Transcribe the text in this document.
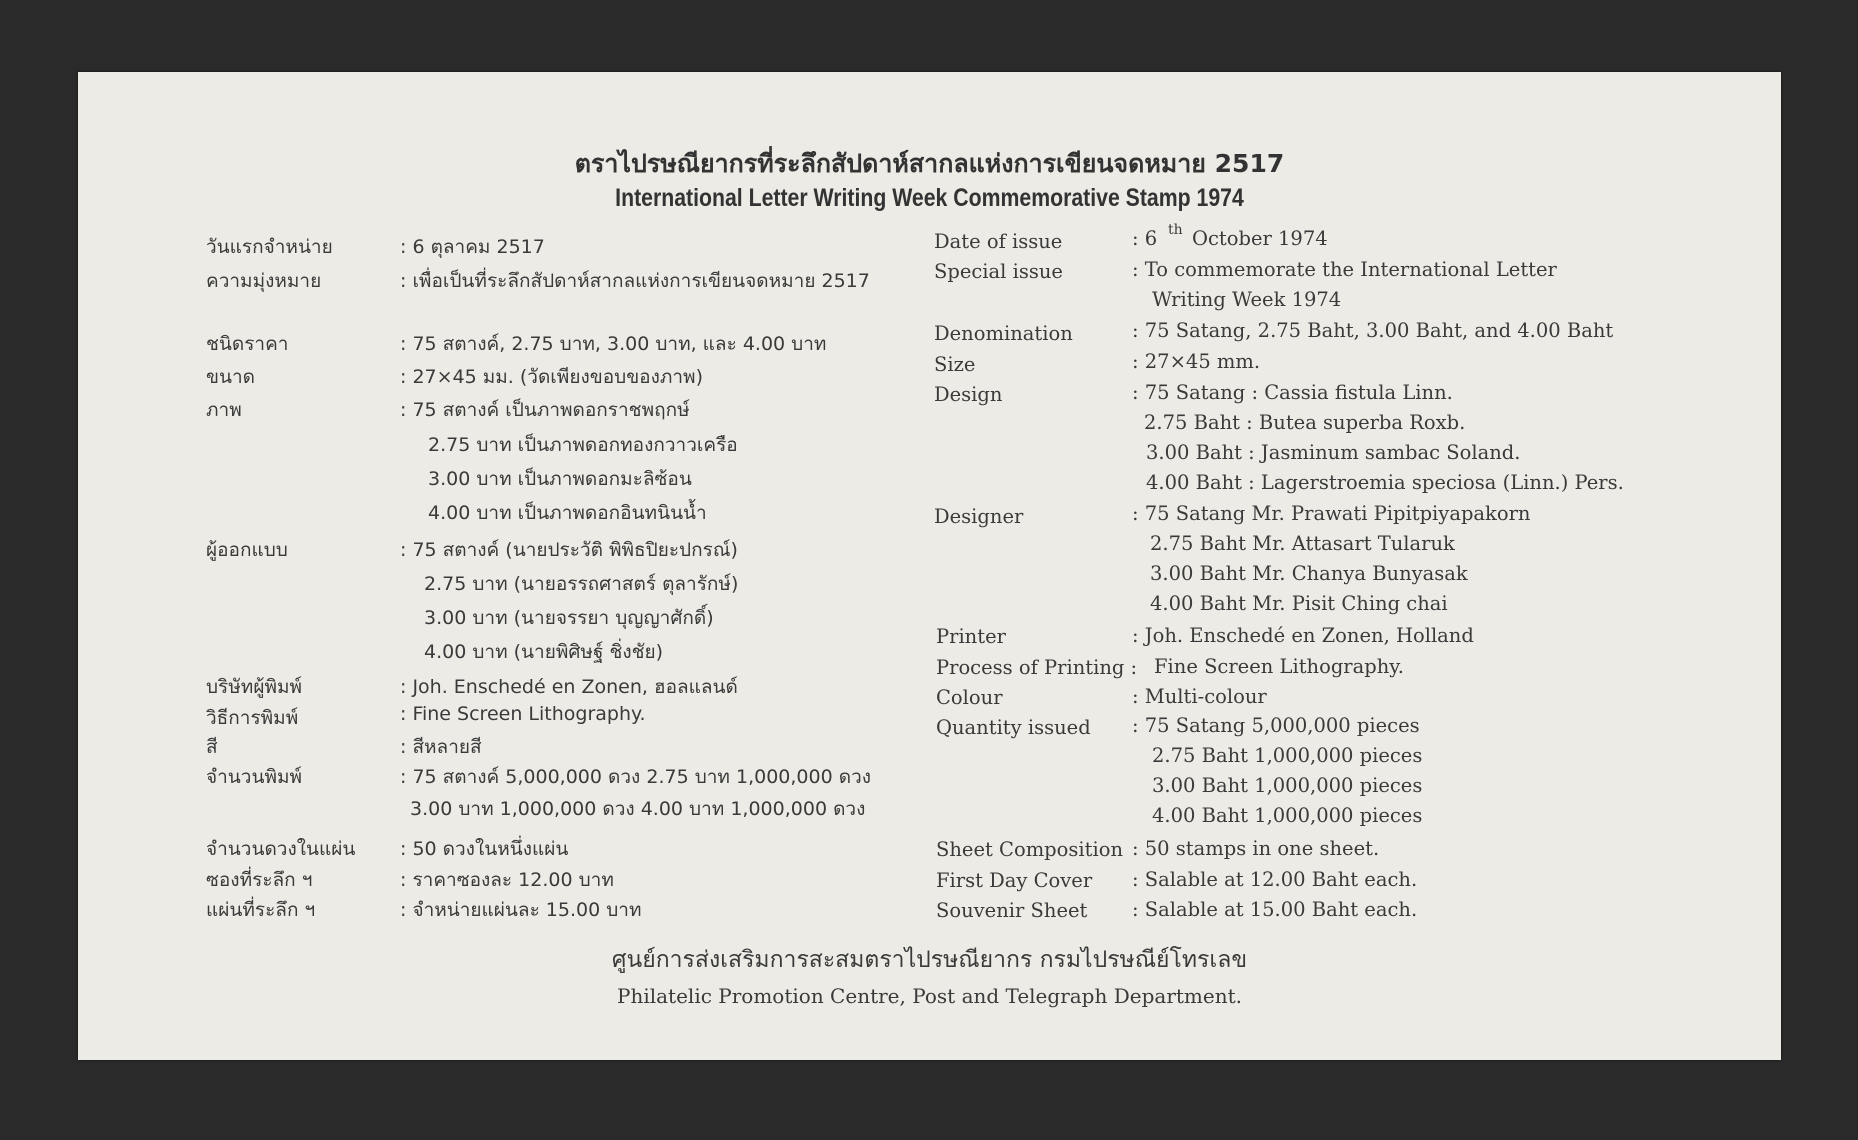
ตราไปรษณียากรที่ระลึกสัปดาห์สากลแห่งการเขียนจดหมาย 2517
International Letter Writing Week Commemorative Stamp 1974
วันแรกจำหน่าย	: 6 ตุลาคม 2517
ความมุ่งหมาย	: เพื่อเป็นที่ระลึกสัปดาห์สากลแห่งการเขียนจดหมาย 2517
ชนิดราคา	: 75 สตางค์, 2.75 บาท, 3.00 บาท, และ 4.00 บาท
ขนาด	: 27×45 มม. (วัดเพียงขอบของภาพ)
ภาพ	: 75 สตางค์ เป็นภาพดอกราชพฤกษ์
2.75 บาท เป็นภาพดอกทองกวาวเครือ
3.00 บาท เป็นภาพดอกมะลิซ้อน
4.00 บาท เป็นภาพดอกอินทนินน้ำ
ผู้ออกแบบ	: 75 สตางค์ (นายประวัติ พิพิธปิยะปกรณ์)
2.75 บาท (นายอรรถศาสตร์ ตุลารักษ์)
3.00 บาท (นายจรรยา บุญญาศักดิ์)
4.00 บาท (นายพิศิษฐ์ ชิ่งชัย)
บริษัทผู้พิมพ์	: Joh. Enschedé en Zonen, ฮอลแลนด์
วิธีการพิมพ์	: Fine Screen Lithography.
สี	: สีหลายสี
จำนวนพิมพ์	: 75 สตางค์ 5,000,000 ดวง 2.75 บาท 1,000,000 ดวง
3.00 บาท 1,000,000 ดวง 4.00 บาท 1,000,000 ดวง
จำนวนดวงในแผ่น : 50 ดวงในหนึ่งแผ่น
ซองที่ระลึก ฯ	: ราคาซองละ 12.00 บาท
แผ่นที่ระลึก ฯ	: จำหน่ายแผ่นละ 15.00 บาท
Date of issue	: 6 th October 1974
Special issue	: To commemorate the International Letter
Writing Week 1974
Denomination	: 75 Satang, 2.75 Baht, 3.00 Baht, and 4.00 Baht
Size	: 27×45 mm.
Design	: 75 Satang : Cassia fistula Linn.
2.75 Baht : Butea superba Roxb.
3.00 Baht : Jasminum sambac Soland.
4.00 Baht : Lagerstroemia speciosa (Linn.) Pers.
Designer	: 75 Satang Mr. Prawati Pipitpiyapakorn
2.75 Baht Mr. Attasart Tularuk
3.00 Baht Mr. Chanya Bunyasak
4.00 Baht Mr. Pisit Ching chai
Printer	: Joh. Enschedé en Zonen, Holland
Process of Printing : Fine Screen Lithography.
Colour	: Multi-colour
Quantity issued : 75 Satang 5,000,000 pieces
2.75 Baht 1,000,000 pieces
3.00 Baht 1,000,000 pieces
4.00 Baht 1,000,000 pieces
Sheet Composition : 50 stamps in one sheet.
First Day Cover : Salable at 12.00 Baht each.
Souvenir Sheet : Salable at 15.00 Baht each.
ศูนย์การส่งเสริมการสะสมตราไปรษณียากร กรมไปรษณีย์โทรเลข
Philatelic Promotion Centre, Post and Telegraph Department.
